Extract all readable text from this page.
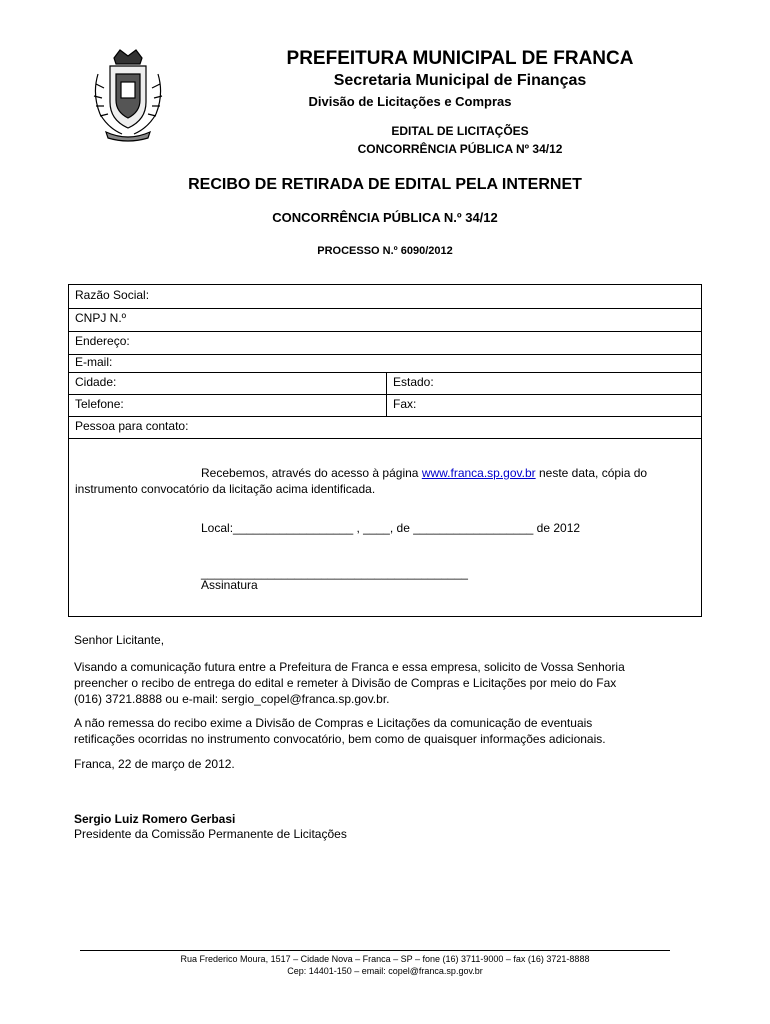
PREFEITURA MUNICIPAL DE FRANCA
Secretaria Municipal de Finanças
Divisão de Licitações e Compras
EDITAL DE LICITAÇÕES
CONCORRÊNCIA PÚBLICA Nº 34/12
RECIBO DE RETIRADA DE EDITAL PELA INTERNET
CONCORRÊNCIA PÚBLICA N.º 34/12
PROCESSO N.º 6090/2012
Razão Social:
CNPJ N.º
Endereço:
E-mail:
Cidade:	Estado:
Telefone:	Fax:
Pessoa para contato:
Recebemos, através do acesso à página www.franca.sp.gov.br neste data, cópia do
instrumento convocatório da licitação acima identificada.
Local:__________________ , ____, de __________________ de 2012
________________________________________
Assinatura
Senhor Licitante,
Visando a comunicação futura entre a Prefeitura de Franca e essa empresa, solicito de Vossa Senhoria
preencher o recibo de entrega do edital e remeter à Divisão de Compras e Licitações por meio do Fax
(016) 3721.8888 ou e-mail: sergio_copel@franca.sp.gov.br.
A não remessa do recibo exime a Divisão de Compras e Licitações da comunicação de eventuais
retificações ocorridas no instrumento convocatório, bem como de quaisquer informações adicionais.
Franca, 22 de março de 2012.
Sergio Luiz Romero Gerbasi
Presidente da Comissão Permanente de Licitações
Rua Frederico Moura, 1517 – Cidade Nova – Franca – SP – fone (16) 3711-9000 – fax (16) 3721-8888
Cep: 14401-150 – email: copel@franca.sp.gov.br
